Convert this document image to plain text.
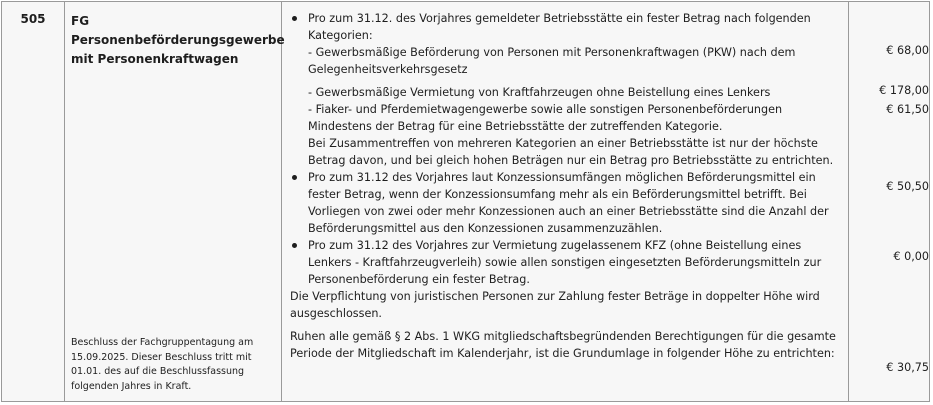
505	FG Personenbeförderungsgewerbe
mit Personenkraftwagen
Beschluss der Fachgruppentagung am
15.09.2025. Dieser Beschluss tritt mit
01.01. des auf die Beschlussfassung
folgenden Jahres in Kraft.
Pro zum 31.12. des Vorjahres gemeldeter Betriebsstätte ein fester Betrag nach folgenden
Kategorien:
- Gewerbsmäßige Beförderung von Personen mit Personenkraftwagen (PKW) nach dem
Gelegenheitsverkehrsgesetz
- Gewerbsmäßige Vermietung von Kraftfahrzeugen ohne Beistellung eines Lenkers
- Fiaker- und Pferdemietwagengewerbe sowie alle sonstigen Personenbeförderungen
Mindestens der Betrag für eine Betriebsstätte der zutreffenden Kategorie.
Bei Zusammentreffen von mehreren Kategorien an einer Betriebsstätte ist nur der höchste
Betrag davon, und bei gleich hohen Beträgen nur ein Betrag pro Betriebsstätte zu entrichten.
Pro zum 31.12 des Vorjahres laut Konzessionsumfängen möglichen Beförderungsmittel ein
fester Betrag, wenn der Konzessionsumfang mehr als ein Beförderungsmittel betrifft. Bei
Vorliegen von zwei oder mehr Konzessionen auch an einer Betriebsstätte sind die Anzahl der
Beförderungsmittel aus den Konzessionen zusammenzuzählen.
Pro zum 31.12 des Vorjahres zur Vermietung zugelassenem KFZ (ohne Beistellung eines
Lenkers - Kraftfahrzeugverleih) sowie allen sonstigen eingesetzten Beförderungsmitteln zur
Personenbeförderung ein fester Betrag.
Die Verpflichtung von juristischen Personen zur Zahlung fester Beträge in doppelter Höhe wird
ausgeschlossen.
Ruhen alle gemäß § 2 Abs. 1 WKG mitgliedschaftsbegründenden Berechtigungen für die gesamte
Periode der Mitgliedschaft im Kalenderjahr, ist die Grundumlage in folgender Höhe zu entrichten:
€ 68,00
€ 178,00
€ 61,50
€ 50,50
€ 0,00
€ 30,75
